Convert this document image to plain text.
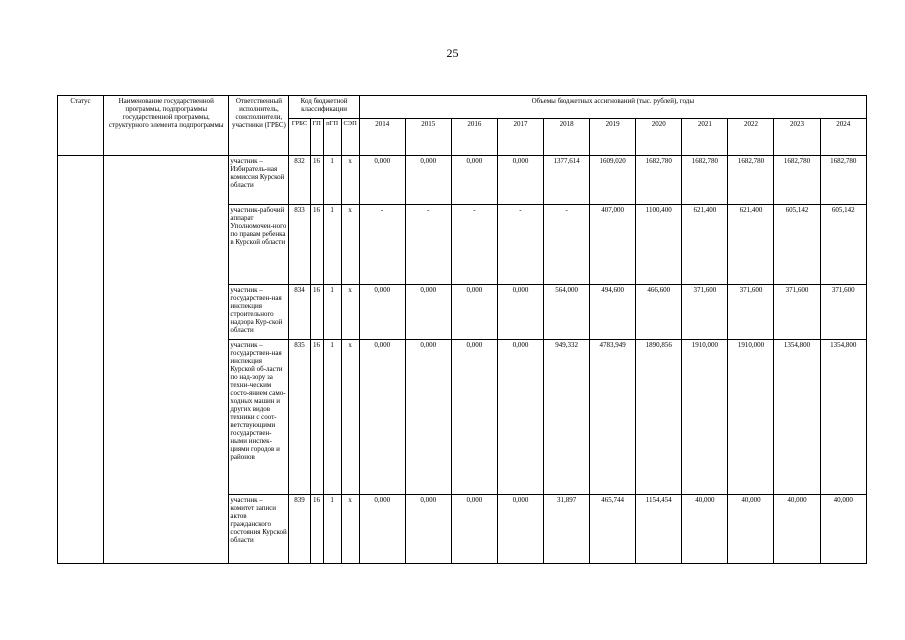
25
Статус	Наименование государственной программы, подпрограммы государственной программы, структурного элемента подпрограммы	Ответственный исполнитель, соисполнители, участники (ГРБС)	Код бюджетной классификации				Объемы бюджетных ассигнований (тыс. рублей), годы										
			ГРБС	ГП	пГП	СЭП	2014	2015	2016	2017	2018	2019	2020	2021	2022	2023	2024
		участник – Избиратель-ная комиссия Курской области	832	16	1	х	0,000	0,000	0,000	0,000	1377,614	1609,020	1682,780	1682,780	1682,780	1682,780	1682,780
		участник-рабочий аппарат Уполномочен-ного по правам ребенка в Курской области	833	16	1	х	-	-	-	-	-	407,000	1100,400	621,400	621,400	605,142	605,142
		участник – государствен-ная инспекция строительного надзора Кур-ской области	834	16	1	х	0,000	0,000	0,000	0,000	564,000	494,600	466,600	371,600	371,600	371,600	371,600
		участник – государствен-ная инспекция Курской об-ласти по над-зору за техни-ческим состо-янием само-ходных машин и других видов техники с соот-ветствующими государствен-ными инспек-циями городов и районов	835	16	1	х	0,000	0,000	0,000	0,000	949,332	4783,949	1890,856	1910,000	1910,000	1354,800	1354,800
		участник – комитет записи актов гражданского состояния Курской области	839	16	1	х	0,000	0,000	0,000	0,000	31,897	465,744	1154,454	40,000	40,000	40,000	40,000
